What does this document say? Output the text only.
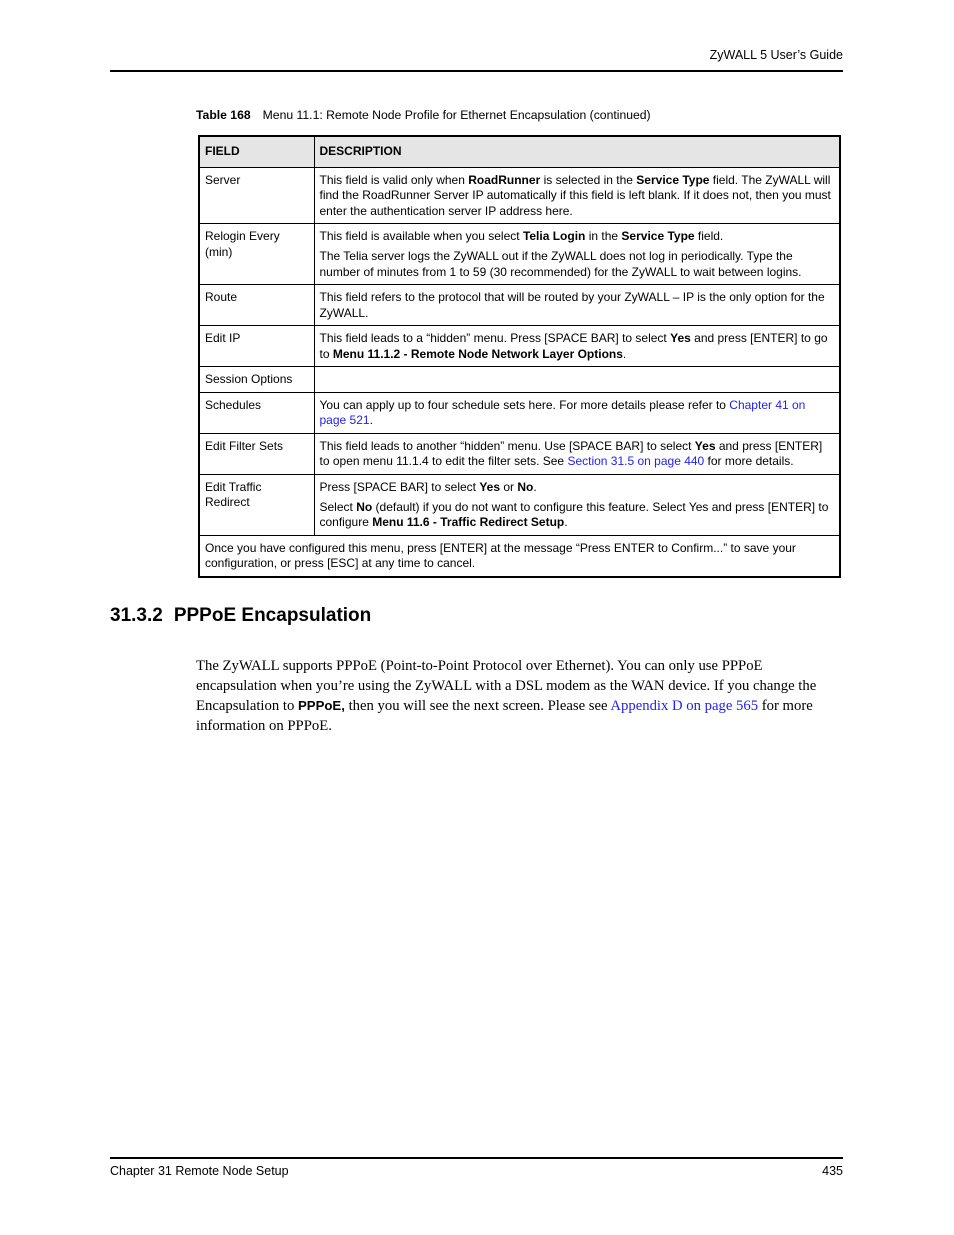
ZyWALL 5 User’s Guide
Table 168 Menu 11.1: Remote Node Profile for Ethernet Encapsulation (continued)
FIELD	DESCRIPTION
Server	This field is valid only when RoadRunner is selected in the Service Type field. The ZyWALL will find the RoadRunner Server IP automatically if this field is left blank. If it does not, then you must enter the authentication server IP address here.

Relogin Every (min)	This field is available when you select Telia Login in the Service Type field.

The Telia server logs the ZyWALL out if the ZyWALL does not log in periodically. Type the number of minutes from 1 to 59 (30 recommended) for the ZyWALL to wait between logins.

Route	This field refers to the protocol that will be routed by your ZyWALL – IP is the only option for the ZyWALL.

Edit IP	This field leads to a “hidden” menu. Press [SPACE BAR] to select Yes and press [ENTER] to go to Menu 11.1.2 - Remote Node Network Layer Options.

Session Options	
Schedules	You can apply up to four schedule sets here. For more details please refer to Chapter 41 on page 521.

Edit Filter Sets	This field leads to another “hidden” menu. Use [SPACE BAR] to select Yes and press [ENTER] to open menu 11.1.4 to edit the filter sets. See Section 31.5 on page 440 for more details.

Edit Traffic Redirect	Press [SPACE BAR] to select Yes or No.

Select No (default) if you do not want to configure this feature. Select Yes and press [ENTER] to configure Menu 11.6 - Traffic Redirect Setup.

Once you have configured this menu, press [ENTER] at the message “Press ENTER to Confirm...” to save your configuration, or press [ESC] at any time to cancel.	
31.3.2 PPPoE Encapsulation

The ZyWALL supports PPPoE (Point-to-Point Protocol over Ethernet). You can only use PPPoE encapsulation when you’re using the ZyWALL with a DSL modem as the WAN device. If you change the Encapsulation to PPPoE, then you will see the next screen. Please see Appendix D on page 565 for more information on PPPoE.

Chapter 31 Remote Node Setup	435
